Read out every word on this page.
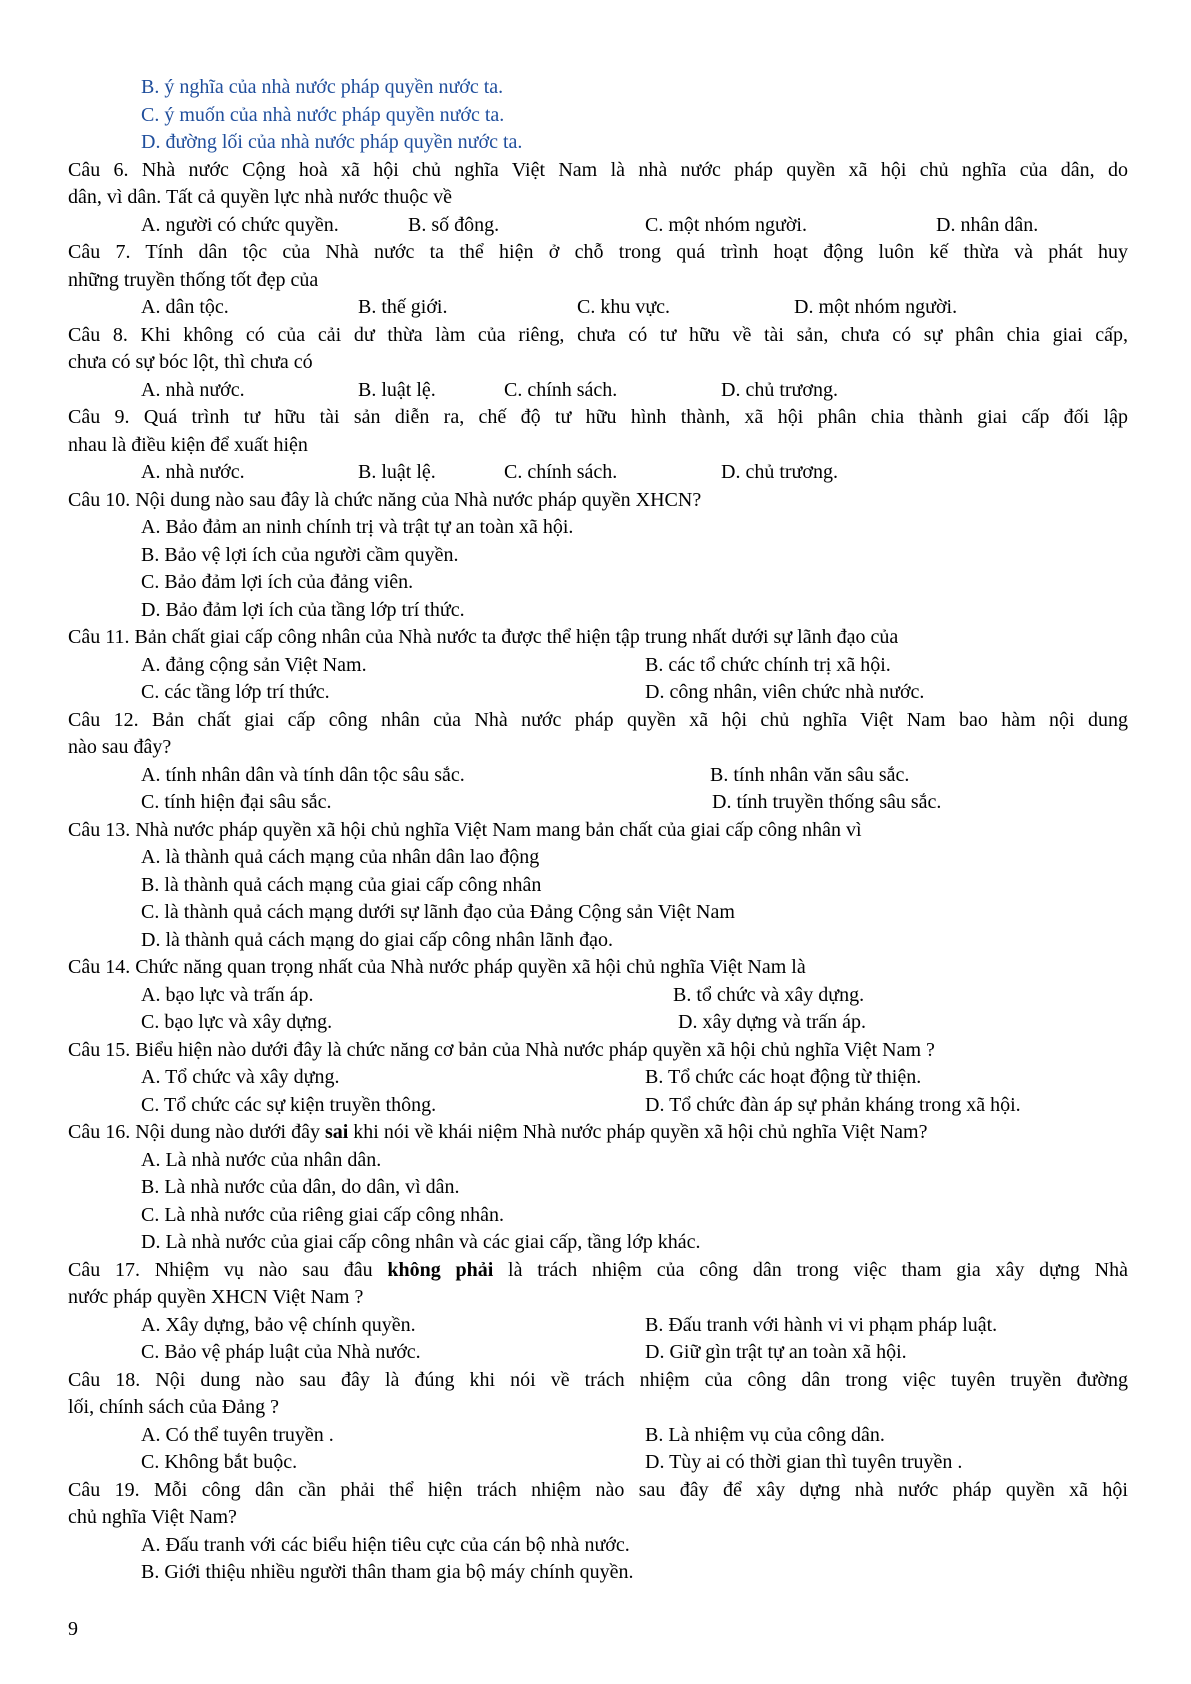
B. ý nghĩa của nhà nước pháp quyền nước ta.
C. ý muốn của nhà nước pháp quyền nước ta.
D. đường lối của nhà nước pháp quyền nước ta.
Câu 6. Nhà nước Cộng hoà xã hội chủ nghĩa Việt Nam là nhà nước pháp quyền xã hội chủ nghĩa của dân, do
dân, vì dân. Tất cả quyền lực nhà nước thuộc về
A. người có chức quyền.	B. số đông.	C. một nhóm người.	D. nhân dân.
Câu 7. Tính dân tộc của Nhà nước ta thể hiện ở chỗ trong quá trình hoạt động luôn kế thừa và phát huy
những truyền thống tốt đẹp của
A. dân tộc.	B. thế giới.	C. khu vực.	D. một nhóm người.
Câu 8. Khi không có của cải dư thừa làm của riêng, chưa có tư hữu về tài sản, chưa có sự phân chia giai cấp,
chưa có sự bóc lột, thì chưa có
A. nhà nước.	B. luật lệ.	C. chính sách.	D. chủ trương.
Câu 9. Quá trình tư hữu tài sản diễn ra, chế độ tư hữu hình thành, xã hội phân chia thành giai cấp đối lập
nhau là điều kiện để xuất hiện
A. nhà nước.	B. luật lệ.	C. chính sách.	D. chủ trương.
Câu 10. Nội dung nào sau đây là chức năng của Nhà nước pháp quyền XHCN?
A. Bảo đảm an ninh chính trị và trật tự an toàn xã hội.
B. Bảo vệ lợi ích của người cầm quyền.
C. Bảo đảm lợi ích của đảng viên.
D. Bảo đảm lợi ích của tầng lớp trí thức.
Câu 11. Bản chất giai cấp công nhân của Nhà nước ta được thể hiện tập trung nhất dưới sự lãnh đạo của
A. đảng cộng sản Việt Nam.	B. các tổ chức chính trị xã hội.
C. các tầng lớp trí thức.	D. công nhân, viên chức nhà nước.
Câu 12. Bản chất giai cấp công nhân của Nhà nước pháp quyền xã hội chủ nghĩa Việt Nam bao hàm nội dung
nào sau đây?
A. tính nhân dân và tính dân tộc sâu sắc.	B. tính nhân văn sâu sắc.
C. tính hiện đại sâu sắc.	D. tính truyền thống sâu sắc.
Câu 13. Nhà nước pháp quyền xã hội chủ nghĩa Việt Nam mang bản chất của giai cấp công nhân vì
A. là thành quả cách mạng của nhân dân lao động
B. là thành quả cách mạng của giai cấp công nhân
C. là thành quả cách mạng dưới sự lãnh đạo của Đảng Cộng sản Việt Nam
D. là thành quả cách mạng do giai cấp công nhân lãnh đạo.
Câu 14. Chức năng quan trọng nhất của Nhà nước pháp quyền xã hội chủ nghĩa Việt Nam là
A. bạo lực và trấn áp.	B. tổ chức và xây dựng.
C. bạo lực và xây dựng.	D. xây dựng và trấn áp.
Câu 15. Biểu hiện nào dưới đây là chức năng cơ bản của Nhà nước pháp quyền xã hội chủ nghĩa Việt Nam ?
A. Tổ chức và xây dựng.	B. Tổ chức các hoạt động từ thiện.
C. Tổ chức các sự kiện truyền thông.	D. Tổ chức đàn áp sự phản kháng trong xã hội.
Câu 16. Nội dung nào dưới đây sai khi nói về khái niệm Nhà nước pháp quyền xã hội chủ nghĩa Việt Nam?
A. Là nhà nước của nhân dân.
B. Là nhà nước của dân, do dân, vì dân.
C. Là nhà nước của riêng giai cấp công nhân.
D. Là nhà nước của giai cấp công nhân và các giai cấp, tầng lớp khác.
Câu 17. Nhiệm vụ nào sau đâu không phải là trách nhiệm của công dân trong việc tham gia xây dựng Nhà
nước pháp quyền XHCN Việt Nam ?
A. Xây dựng, bảo vệ chính quyền.	B. Đấu tranh với hành vi vi phạm pháp luật.
C. Bảo vệ pháp luật của Nhà nước.	D. Giữ gìn trật tự an toàn xã hội.
Câu 18. Nội dung nào sau đây là đúng khi nói về trách nhiệm của công dân trong việc tuyên truyền đường
lối, chính sách của Đảng ?
A. Có thể tuyên truyền .	B. Là nhiệm vụ của công dân.
C. Không bắt buộc.	D. Tùy ai có thời gian thì tuyên truyền .
Câu 19. Mỗi công dân cần phải thể hiện trách nhiệm nào sau đây để xây dựng nhà nước pháp quyền xã hội
chủ nghĩa Việt Nam?
A. Đấu tranh với các biểu hiện tiêu cực của cán bộ nhà nước.
B. Giới thiệu nhiều người thân tham gia bộ máy chính quyền.
9
